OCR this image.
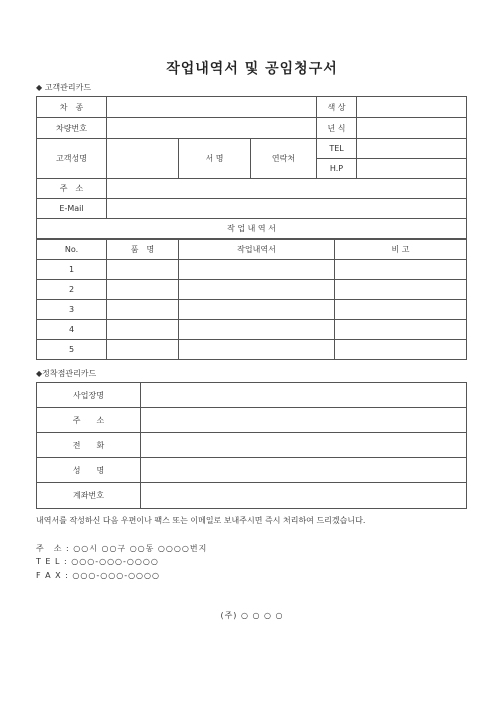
작업내역서 및 공임청구서
◆ 고객관리카드
차　종				색 상	
차량번호				년 식	
고객성명		서 명	연락처	TEL	
				H.P	
주　소					
E-Mail					
작 업 내 역 서					
No.	품　명	작업내역서	비 고
1			
2			
3			
4			
5			
◆정착점관리카드
사업장명	
주　　소	
전　　화	
성　　명	
계좌번호	
내역서를 작성하신 다음 우편이나 팩스 또는 이메일로 보내주시면 즉시 처리하여 드리겠습니다.
주　소 : ○○시 ○○구 ○○동 ○○○○번지
T E L : ○○○-○○○-○○○○
F A X : ○○○-○○○-○○○○
(주) ○ ○ ○ ○
